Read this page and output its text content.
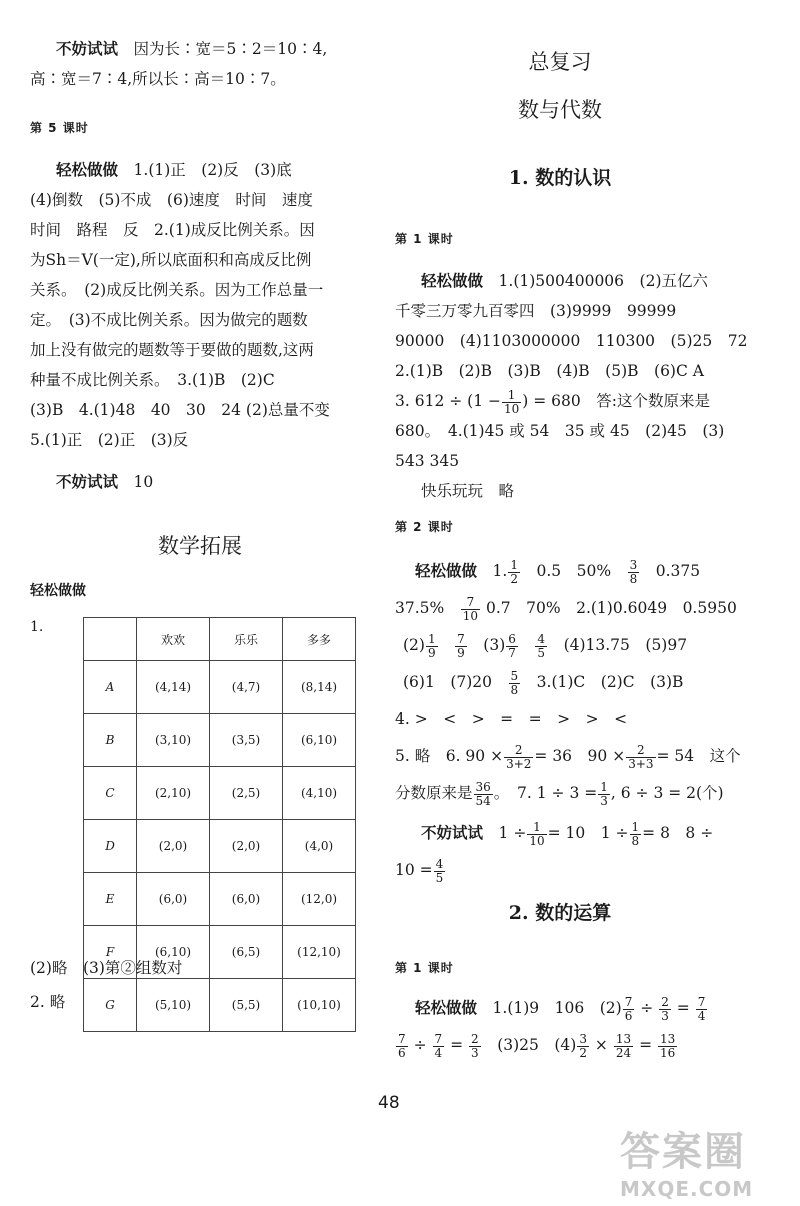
不妨试试　 因为长∶宽＝5∶2＝10∶4,
高∶宽＝7∶4,所以长∶高＝10∶7。
第 5 课时
轻松做做　 1.(1)正　(2)反　(3)底
(4)倒数　(5)不成　(6)速度　时间　速度
时间　路程　反　2.(1)成反比例关系。因
为Sh＝V(一定),所以底面积和高成反比例
关系。　(2)成反比例关系。因为工作总量一
定。　(3)不成比例关系。因为做完的题数
加上没有做完的题数等于要做的题数,这两
种量不成比例关系。　3.(1)B　(2)C
(3)B　4.(1)48　40　30　24 (2)总量不变
5.(1)正　(2)正　(3)反
不妨试试　 10
数学拓展
轻松做做
1.
	欢欢	乐乐	多多
A	(4,14)	(4,7)	(8,14)
B	(3,10)	(3,5)	(6,10)
C	(2,10)	(2,5)	(4,10)
D	(2,0)	(2,0)	(4,0)
E	(6,0)	(6,0)	(12,0)
F	(6,10)	(6,5)	(12,10)
G	(5,10)	(5,5)	(10,10)
(2)略　(3)第②组数对
2. 略
总复习
数与代数
1. 数的认识
第 1 课时
轻松做做　 1.(1)500400006　(2)五亿六
千零三万零九百零四　(3)9999　99999
90000　(4)1103000000　110300　(5)25　72
2.(1)B　(2)B　(3)B　(4)B　(5)B　(6)C A
3. $612 \div (1 - \frac{1}{10}$ ) = 680　答:这个数原来是
680。　4.(1)45 或 54　35 或 45　(2)45　(3)
543 345
快乐玩玩　略
第 2 课时
轻松做做　 1. $\frac{1}{2}$
　 0.5　50%　 $\frac{3}{8}$
　 0.375
37.5%　 $\frac{7}{10} 0.7$　70%　2.(1)0.6049　0.5950
$(2) \frac{1}{9}$
　 $\frac{7}{9}$
　 $(3) \frac{6}{7}$
　 $\frac{4}{5}$
　 (4)13.75　(5)97
(6)1　(7)20　 $\frac{5}{8}$
　 3.(1)C　(2)C　(3)B
4. >　<　>　=　=　>　>　<
5. 略　6. $90 \times \frac{2}{3+2} = 36$　$90 \times \frac{2}{3+3} = 54$　这个
分数原来是 $\frac{36}{54}$ 。　7. $1 \div 3 = \frac{1}{3}$ , 6 ÷ 3 = 2(个)
不妨试试　 $1 \div \frac{1}{10} = 10$　$1 \div \frac{1}{8} = 8$　8 ÷
$10 = \frac{4}{5}$
2. 数的运算
第 1 课时
轻松做做　 1.(1)9　106　$(2) \frac{7}{6} \div \frac{2}{3} = \frac{7}{4}$
$\frac{7}{6} \div \frac{7}{4} = \frac{2}{3}$
　 (3)25　$(4) \frac{3}{2} \times \frac{13}{24} = \frac{13}{16}$
48
答案圈
MXQE.COM
